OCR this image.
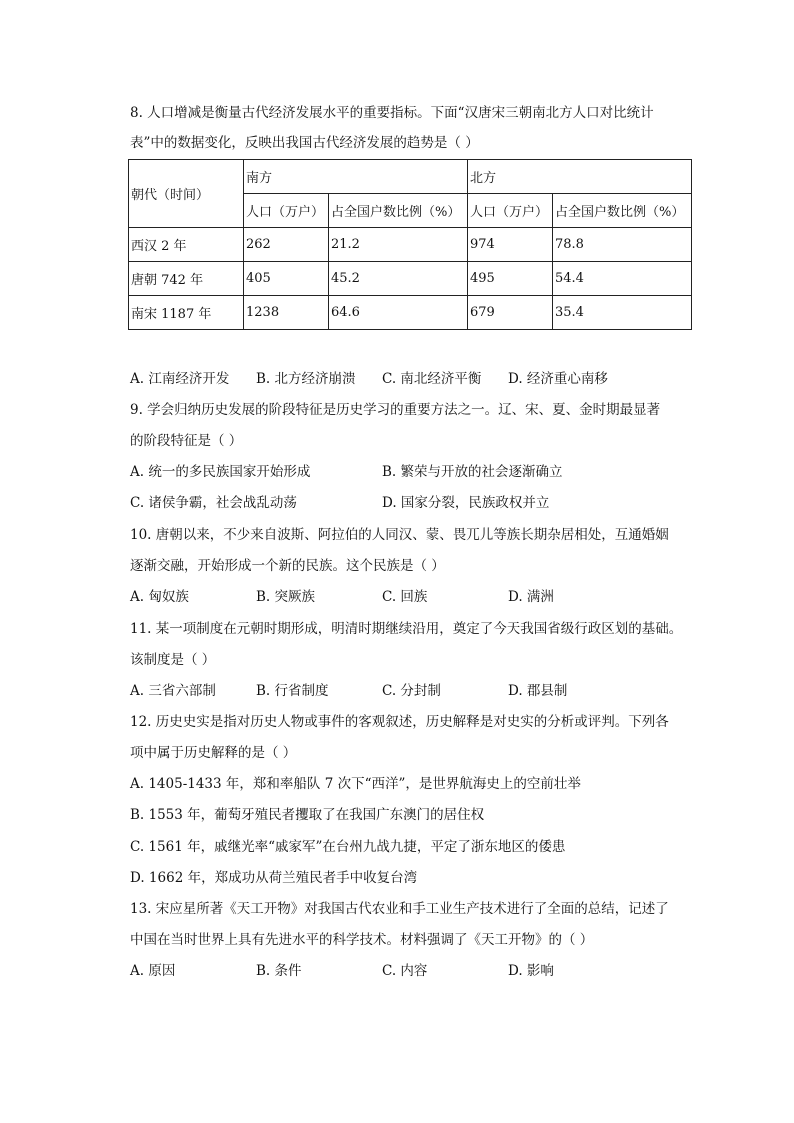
8. 人口增减是衡量古代经济发展水平的重要指标。下面“汉唐宋三朝南北方人口对比统计
表”中的数据变化，反映出我国古代经济发展的趋势是（ ）
朝代（时间）	南方		北方	
	人口（万户）	占全国户数比例（%）	人口（万户）	占全国户数比例（%）
西汉 2 年	262	21.2	974	78.8
唐朝 742 年	405	45.2	495	54.4
南宋 1187 年	1238	64.6	679	35.4
A. 江南经济开发 B. 北方经济崩溃 C. 南北经济平衡 D. 经济重心南移
9. 学会归纳历史发展的阶段特征是历史学习的重要方法之一。辽、宋、夏、金时期最显著
的阶段特征是（ ）
A. 统一的多民族国家开始形成	B. 繁荣与开放的社会逐渐确立
C. 诸侯争霸，社会战乱动荡	D. 国家分裂，民族政权并立
10. 唐朝以来，不少来自波斯、阿拉伯的人同汉、蒙、畏兀儿等族长期杂居相处，互通婚姻
逐渐交融，开始形成一个新的民族。这个民族是（ ）
A. 匈奴族	B. 突厥族	C. 回族	D. 满洲
11. 某一项制度在元朝时期形成，明清时期继续沿用，奠定了今天我国省级行政区划的基础。
该制度是（ ）
A. 三省六部制	B. 行省制度	C. 分封制	D. 郡县制
12. 历史史实是指对历史人物或事件的客观叙述，历史解释是对史实的分析或评判。下列各
项中属于历史解释的是（ ）
A. 1405-1433 年，郑和率船队 7 次下“西洋”，是世界航海史上的空前壮举
B. 1553 年，葡萄牙殖民者攫取了在我国广东澳门的居住权
C. 1561 年，戚继光率“戚家军”在台州九战九捷，平定了浙东地区的倭患
D. 1662 年，郑成功从荷兰殖民者手中收复台湾
13. 宋应星所著《天工开物》对我国古代农业和手工业生产技术进行了全面的总结，记述了
中国在当时世界上具有先进水平的科学技术。材料强调了《天工开物》的（ ）
A. 原因	B. 条件	C. 内容	D. 影响
